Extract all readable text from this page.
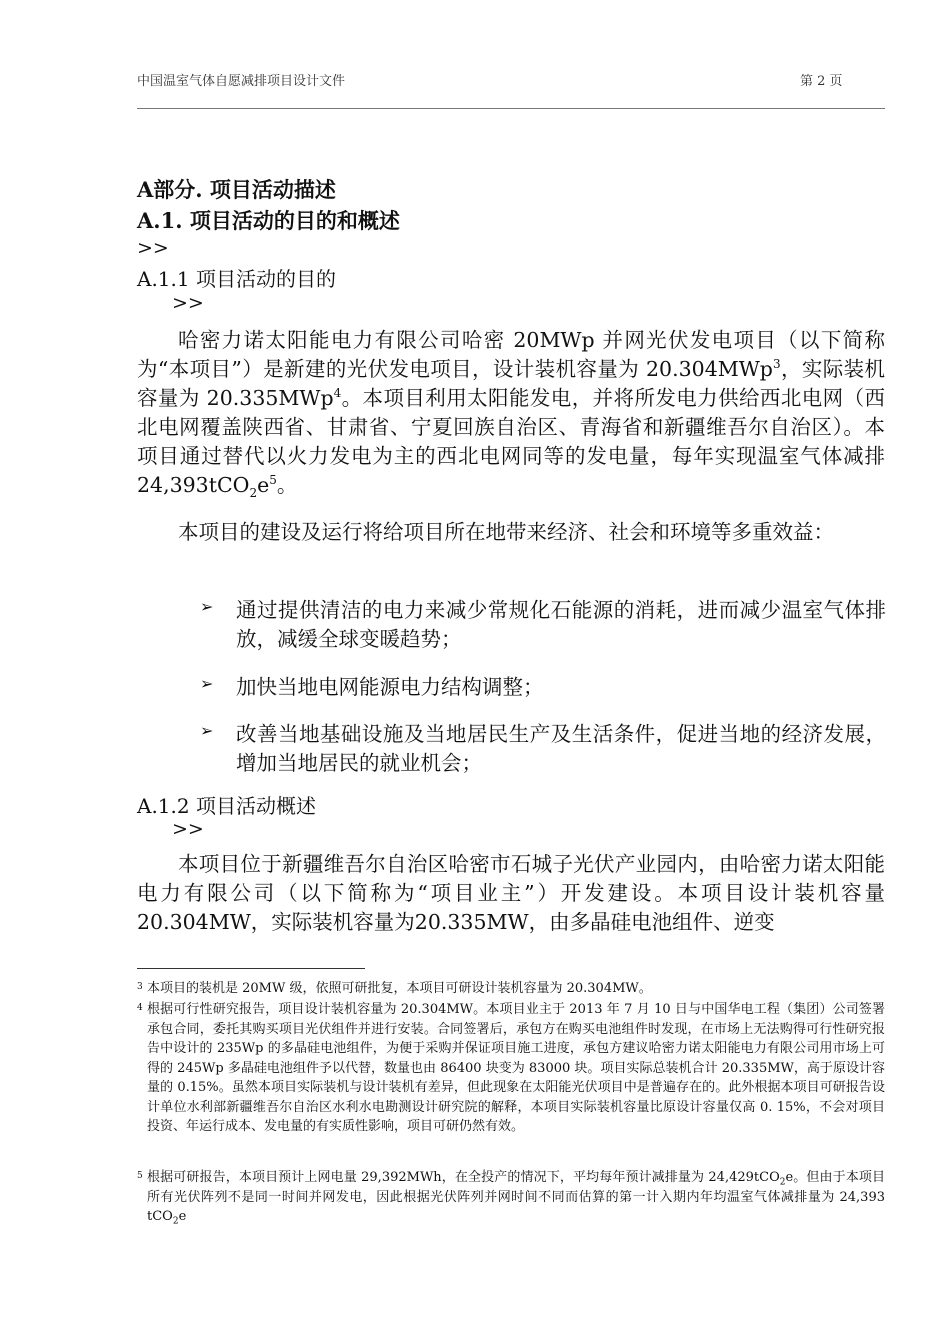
中国温室气体自愿减排项目设计文件	第 2 页
A部分. 项目活动描述
A.1. 项目活动的目的和概述
>>
A.1.1 项目活动的目的
>>
哈密力诺太阳能电力有限公司哈密 20MWp 并网光伏发电项目（以下简称为“本项目”）是新建的光伏发电项目，设计装机容量为 20.304MWp$^3$，实际装机容量为 20.335MWp$^4$。本项目利用太阳能发电，并将所发电力供给西北电网（西北电网覆盖陕西省、甘肃省、宁夏回族自治区、青海省和新疆维吾尔自治区）。本项目通过替代以火力发电为主的西北电网同等的发电量，每年实现温室气体减排 $24,393tCO_2e^5$。
本项目的建设及运行将给项目所在地带来经济、社会和环境等多重效益：
➢ 通过提供清洁的电力来减少常规化石能源的消耗，进而减少温室气体排放，减缓全球变暖趋势；
➢ 加快当地电网能源电力结构调整；
➢ 改善当地基础设施及当地居民生产及生活条件，促进当地的经济发展，增加当地居民的就业机会；
A.1.2 项目活动概述
>>
本项目位于新疆维吾尔自治区哈密市石城子光伏产业园内，由哈密力诺太阳能电力有限公司（以下简称为“项目业主”）开发建设。本项目设计装机容量20.304MW，实际装机容量为20.335MW，由多晶硅电池组件、逆变
3 本项目的装机是 20MW 级，依照可研批复，本项目可研设计装机容量为 20.304MW。
4 根据可行性研究报告，项目设计装机容量为 20.304MW。本项目业主于 2013 年 7 月 10 日与中国华电工程（集团）公司签署承包合同，委托其购买项目光伏组件并进行安装。合同签署后，承包方在购买电池组件时发现，在市场上无法购得可行性研究报告中设计的 235Wp 的多晶硅电池组件，为便于采购并保证项目施工进度，承包方建议哈密力诺太阳能电力有限公司用市场上可得的 245Wp 多晶硅电池组件予以代替，数量也由 86400 块变为 83000 块。项目实际总装机合计 20.335MW，高于原设计容量的 0.15%。虽然本项目实际装机与设计装机有差异，但此现象在太阳能光伏项目中是普遍存在的。此外根据本项目可研报告设计单位水利部新疆维吾尔自治区水利水电勘测设计研究院的解释，本项目实际装机容量比原设计容量仅高 0. 15%，不会对项目投资、年运行成本、发电量的有实质性影响，项目可研仍然有效。
5 根据可研报告，本项目预计上网电量 29,392MWh，在全投产的情况下，平均每年预计减排量为 24,429tCO$_2$e。但由于本项目所有光伏阵列不是同一时间并网发电，因此根据光伏阵列并网时间不同而估算的第一计入期内年均温室气体减排量为 24,393 tCO$_2$e
